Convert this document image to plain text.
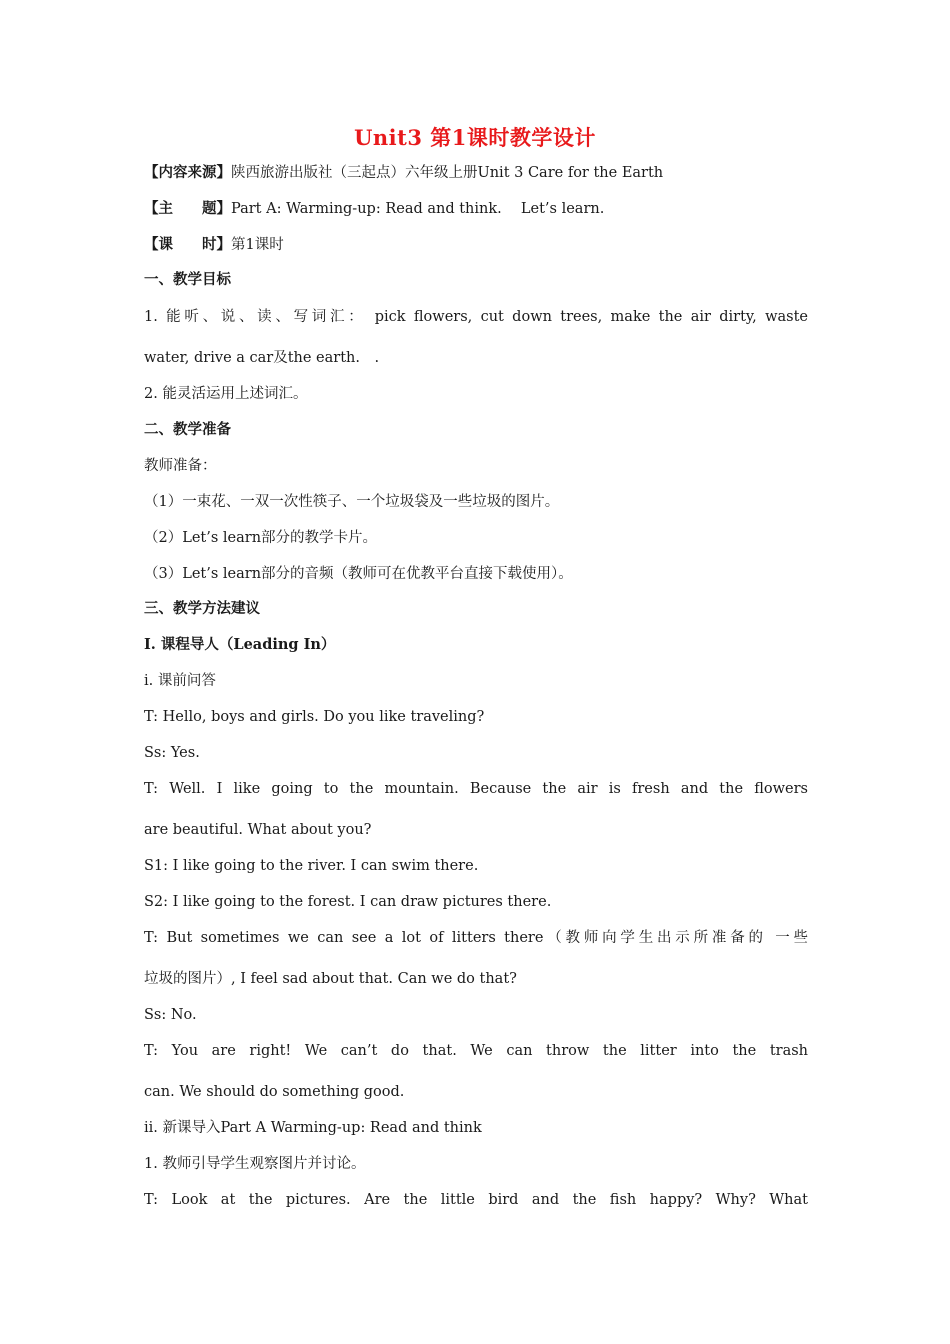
Unit3 第1课时教学设计
【内容来源】陕西旅游出版社（三起点）六年级上册Unit 3 Care for the Earth
【主　　题】Part A: Warming-up: Read and think.　 Let’s learn.
【课　　时】第1课时
一、教学目标
1. 能听、说、读、写词汇： pick flowers, cut down trees, make the air dirty, waste
water, drive a car及the earth.　.
2. 能灵活运用上述词汇。
二、教学准备
教师准备：
（1）一束花、一双一次性筷子、一个垃圾袋及一些垃圾的图片。
（2）Let’s learn部分的教学卡片。
（3）Let’s learn部分的音频（教师可在优教平台直接下载使用）。
三、教学方法建议
I. 课程导人（Leading In）
i. 课前问答
T: Hello, boys and girls. Do you like traveling?
Ss: Yes.
T: Well. I like going to the mountain. Because the air is fresh and the flowers
are beautiful. What about you?
S1: I like going to the river. I can swim there.
S2: I like going to the forest. I can draw pictures there.
T: But sometimes we can see a lot of litters there（教师向学生出示所准备的 一些
垃圾的图片）, I feel sad about that. Can we do that?
Ss: No.
T: You are right! We can’t do that. We can throw the litter into the trash
can. We should do something good.
ii. 新课导入Part A Warming-up: Read and think
1. 教师引导学生观察图片并讨论。
T: Look at the pictures. Are the little bird and the fish happy? Why? What
